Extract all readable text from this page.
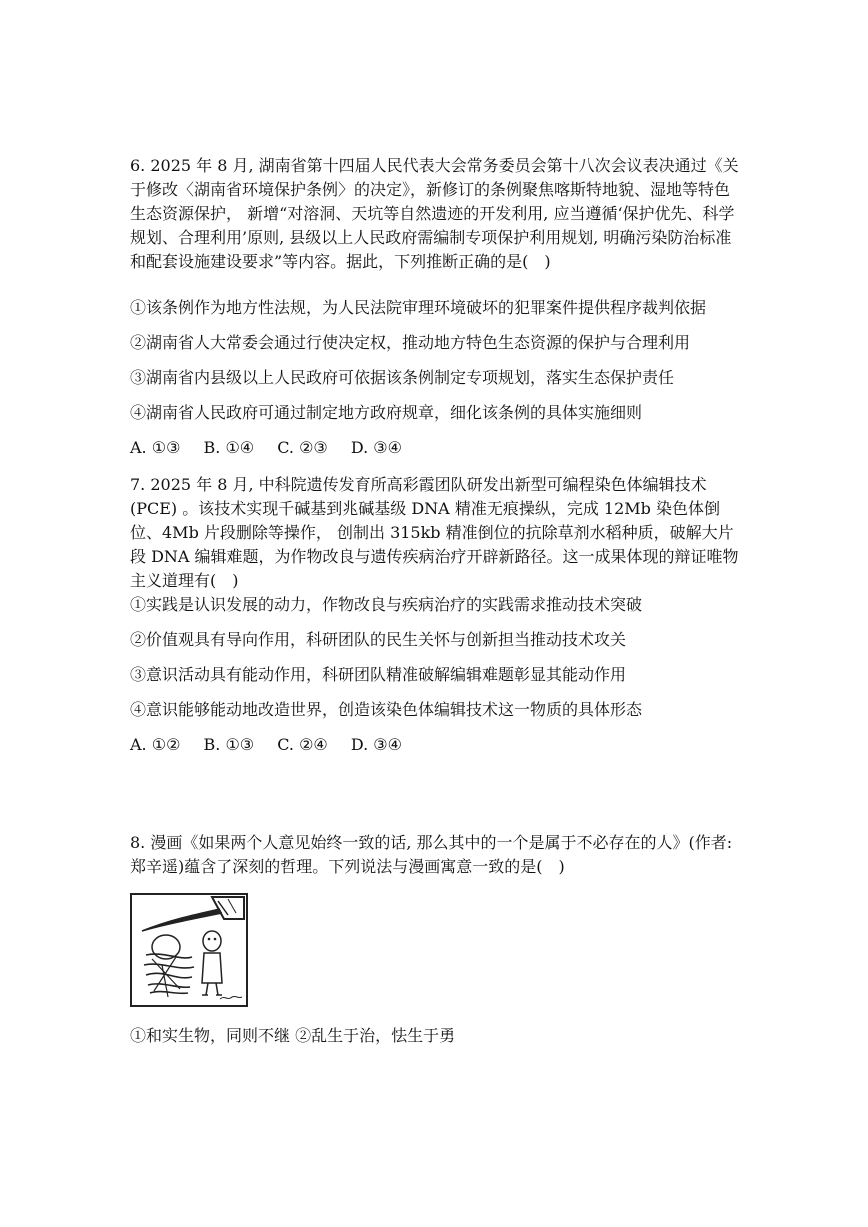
6. 2025 年 8 月, 湖南省第十四届人民代表大会常务委员会第十八次会议表决通过《关于修改〈湖南省环境保护条例〉的决定》，新修订的条例聚焦喀斯特地貌、湿地等特色生态资源保护， 新增“对溶洞、天坑等自然遗迹的开发利用, 应当遵循‘保护优先、科学规划、合理利用’原则, 县级以上人民政府需编制专项保护利用规划, 明确污染防治标准和配套设施建设要求”等内容。据此，下列推断正确的是(　)
①该条例作为地方性法规，为人民法院审理环境破坏的犯罪案件提供程序裁判依据
②湖南省人大常委会通过行使决定权，推动地方特色生态资源的保护与合理利用
③湖南省内县级以上人民政府可依据该条例制定专项规划，落实生态保护责任
④湖南省人民政府可通过制定地方政府规章，细化该条例的具体实施细则
A. ①③ B. ①④ C. ②③ D. ③④
7. 2025 年 8 月, 中科院遗传发育所高彩霞团队研发出新型可编程染色体编辑技术 (PCE) 。该技术实现千碱基到兆碱基级 DNA 精准无痕操纵，完成 12Mb 染色体倒位、4Mb 片段删除等操作， 创制出 315kb 精准倒位的抗除草剂水稻种质，破解大片段 DNA 编辑难题，为作物改良与遗传疾病治疗开辟新路径。这一成果体现的辩证唯物主义道理有(　)
①实践是认识发展的动力，作物改良与疾病治疗的实践需求推动技术突破
②价值观具有导向作用，科研团队的民生关怀与创新担当推动技术攻关
③意识活动具有能动作用，科研团队精准破解编辑难题彰显其能动作用
④意识能够能动地改造世界，创造该染色体编辑技术这一物质的具体形态
A. ①② B. ①③ C. ②④ D. ③④
8. 漫画《如果两个人意见始终一致的话, 那么其中的一个是属于不必存在的人》(作者:郑辛遥)蕴含了深刻的哲理。下列说法与漫画寓意一致的是(　)
①和实生物，同则不继 ②乱生于治，怯生于勇
